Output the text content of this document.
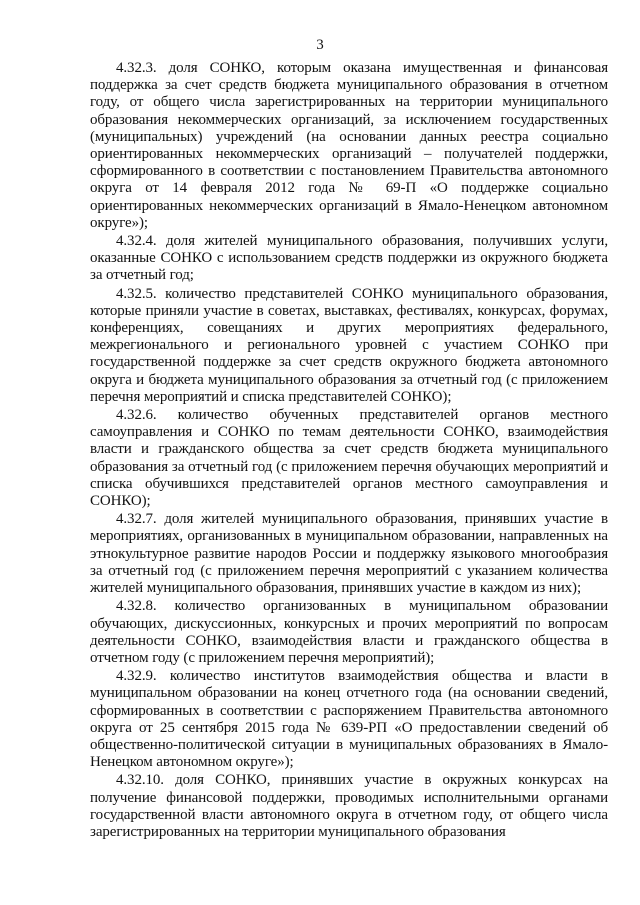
3

4.32.3. доля СОНКО, которым оказана имущественная и финансовая поддержка за счет средств бюджета муниципального образования в отчетном году, от общего числа зарегистрированных на территории муниципального образования некоммерческих организаций, за исключением государственных (муниципальных) учреждений (на основании данных реестра социально ориентированных некоммерческих организаций – получателей поддержки, сформированного в соответствии с постановлением Правительства автономного округа от 14 февраля 2012 года № 69-П «О поддержке социально ориентированных некоммерческих организаций в Ямало-Ненецком автономном округе»);

4.32.4. доля жителей муниципального образования, получивших услуги, оказанные СОНКО с использованием средств поддержки из окружного бюджета за отчетный год;

4.32.5. количество представителей СОНКО муниципального образования, которые приняли участие в советах, выставках, фестивалях, конкурсах, форумах, конференциях, совещаниях и других мероприятиях федерального, межрегионального и регионального уровней с участием СОНКО при государственной поддержке за счет средств окружного бюджета автономного округа и бюджета муниципального образования за отчетный год (с приложением перечня мероприятий и списка представителей СОНКО);

4.32.6. количество обученных представителей органов местного самоуправления и СОНКО по темам деятельности СОНКО, взаимодействия власти и гражданского общества за счет средств бюджета муниципального образования за отчетный год (с приложением перечня обучающих мероприятий и списка обучившихся представителей органов местного самоуправления и СОНКО);

4.32.7. доля жителей муниципального образования, принявших участие в мероприятиях, организованных в муниципальном образовании, направленных на этнокультурное развитие народов России и поддержку языкового многообразия за отчетный год (с приложением перечня мероприятий с указанием количества жителей муниципального образования, принявших участие в каждом из них);

4.32.8. количество организованных в муниципальном образовании обучающих, дискуссионных, конкурсных и прочих мероприятий по вопросам деятельности СОНКО, взаимодействия власти и гражданского общества в отчетном году (с приложением перечня мероприятий);

4.32.9. количество институтов взаимодействия общества и власти в муниципальном образовании на конец отчетного года (на основании сведений, сформированных в соответствии с распоряжением Правительства автономного округа от 25 сентября 2015 года № 639-РП «О предоставлении сведений об общественно-политической ситуации в муниципальных образованиях в Ямало-Ненецком автономном округе»);

4.32.10. доля СОНКО, принявших участие в окружных конкурсах на получение финансовой поддержки, проводимых исполнительными органами государственной власти автономного округа в отчетном году, от общего числа зарегистрированных на территории муниципального образования
